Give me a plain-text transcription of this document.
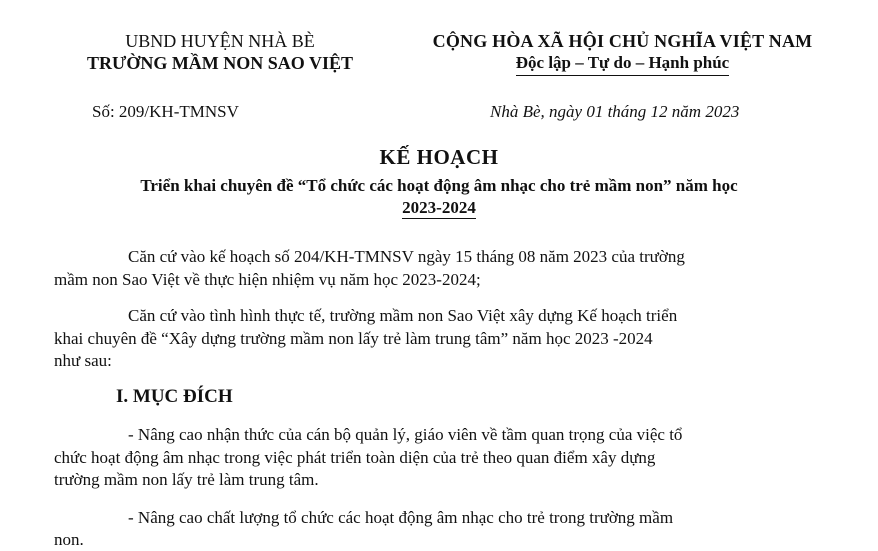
UBND HUYỆN NHÀ BÈ
TRƯỜNG MẦM NON SAO VIỆT
CỘNG HÒA XÃ HỘI CHỦ NGHĨA VIỆT NAM
Độc lập – Tự do – Hạnh phúc
Số: 209/KH-TMNSV	Nhà Bè, ngày 01 tháng 12 năm 2023
KẾ HOẠCH
Triển khai chuyên đề “Tổ chức các hoạt động âm nhạc cho trẻ mầm non” năm học
2023-2024
Căn cứ vào kế hoạch số 204/KH-TMNSV ngày 15 tháng 08 năm 2023 của trường
mầm non Sao Việt về thực hiện nhiệm vụ năm học 2023-2024;
Căn cứ vào tình hình thực tế, trường mầm non Sao Việt xây dựng Kế hoạch triển
khai chuyên đề “Xây dựng trường mầm non lấy trẻ làm trung tâm” năm học 2023 -2024
như sau:
I. MỤC ĐÍCH
- Nâng cao nhận thức của cán bộ quản lý, giáo viên về tầm quan trọng của việc tổ
chức hoạt động âm nhạc trong việc phát triển toàn diện của trẻ theo quan điểm xây dựng
trường mầm non lấy trẻ làm trung tâm.
- Nâng cao chất lượng tổ chức các hoạt động âm nhạc cho trẻ trong trường mầm
non.
